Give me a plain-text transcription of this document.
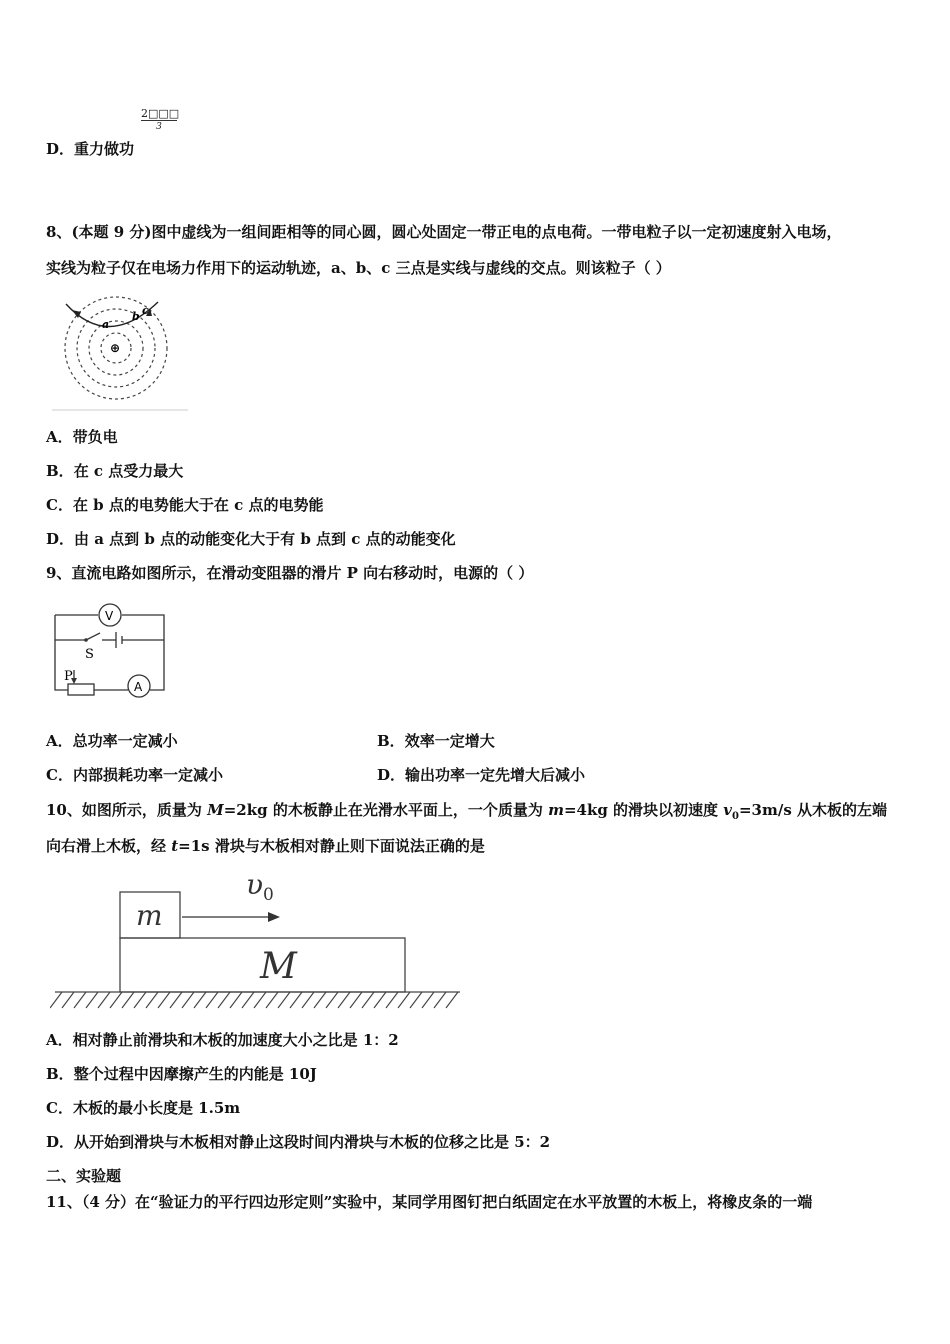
2□□□
3
D．重力做功
8、(本题 9 分)图中虚线为一组间距相等的同心圆，圆心处固定一带正电的点电荷。一带电粒子以一定初速度射入电场，
实线为粒子仅在电场力作用下的运动轨迹，a、b、c 三点是实线与虚线的交点。则该粒子（ ）
a
b c
⊕
A．带负电
B．在 c 点受力最大
C．在 b 点的电势能大于在 c 点的电势能
D．由 a 点到 b 点的动能变化大于有 b 点到 c 点的动能变化
9、直流电路如图所示，在滑动变阻器的滑片 P 向右移动时，电源的（ ）
V
S
P
A
A．总功率一定减小	B．效率一定增大
C．内部损耗功率一定减小	D．输出功率一定先增大后减小
10、如图所示，质量为 M=2kg 的木板静止在光滑水平面上，一个质量为 m=4kg 的滑块以初速度 $v_0=3m/s$ 从木板的左端
向右滑上木板，经 t=1s 滑块与木板相对静止则下面说法正确的是
m
M
$\upsilon_0$
A．相对静止前滑块和木板的加速度大小之比是 1：2
B．整个过程中因摩擦产生的内能是 10J
C．木板的最小长度是 1.5m
D．从开始到滑块与木板相对静止这段时间内滑块与木板的位移之比是 5：2
二、实验题
11、（4 分）在“验证力的平行四边形定则”实验中，某同学用图钉把白纸固定在水平放置的木板上，将橡皮条的一端
